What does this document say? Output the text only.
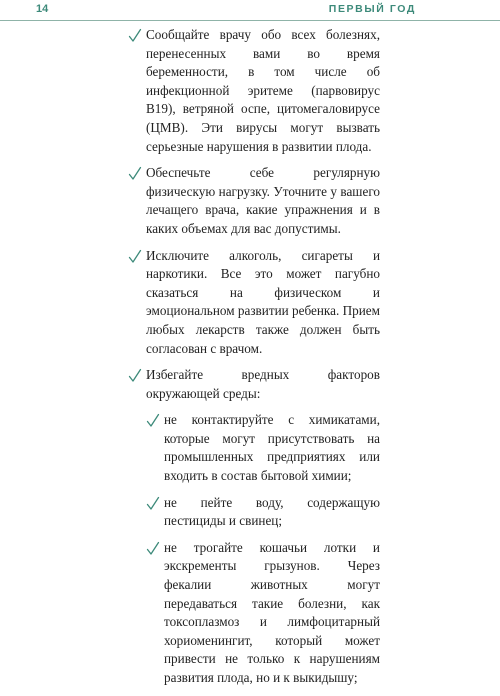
14	ПЕРВЫЙ ГОД
Сообщайте врачу обо всех болезнях, перенесенных вами во время беременности, в том числе об инфекционной эритеме (парвовирус B19), ветряной оспе, цитомегаловирусе (ЦМВ). Эти вирусы могут вызвать серьезные нарушения в развитии плода.
Обеспечьте себе регулярную физическую нагрузку. Уточните у вашего лечащего врача, какие упражнения и в каких объемах для вас допустимы.
Исключите алкоголь, сигареты и наркотики. Все это может пагубно сказаться на физическом и эмоциональном развитии ребенка. Прием любых лекарств также должен быть согласован с врачом.
Избегайте вредных факторов окружающей среды:
не контактируйте с химикатами, которые могут присутствовать на промышленных предприятиях или входить в состав бытовой химии;
не пейте воду, содержащую пестициды и свинец;
не трогайте кошачьи лотки и экскременты грызунов. Через фекалии животных могут передаваться такие болезни, как токсоплазмоз и лимфоцитарный хориоменингит, который может привести не только к нарушениям развития плода, но и к выкидышу;
